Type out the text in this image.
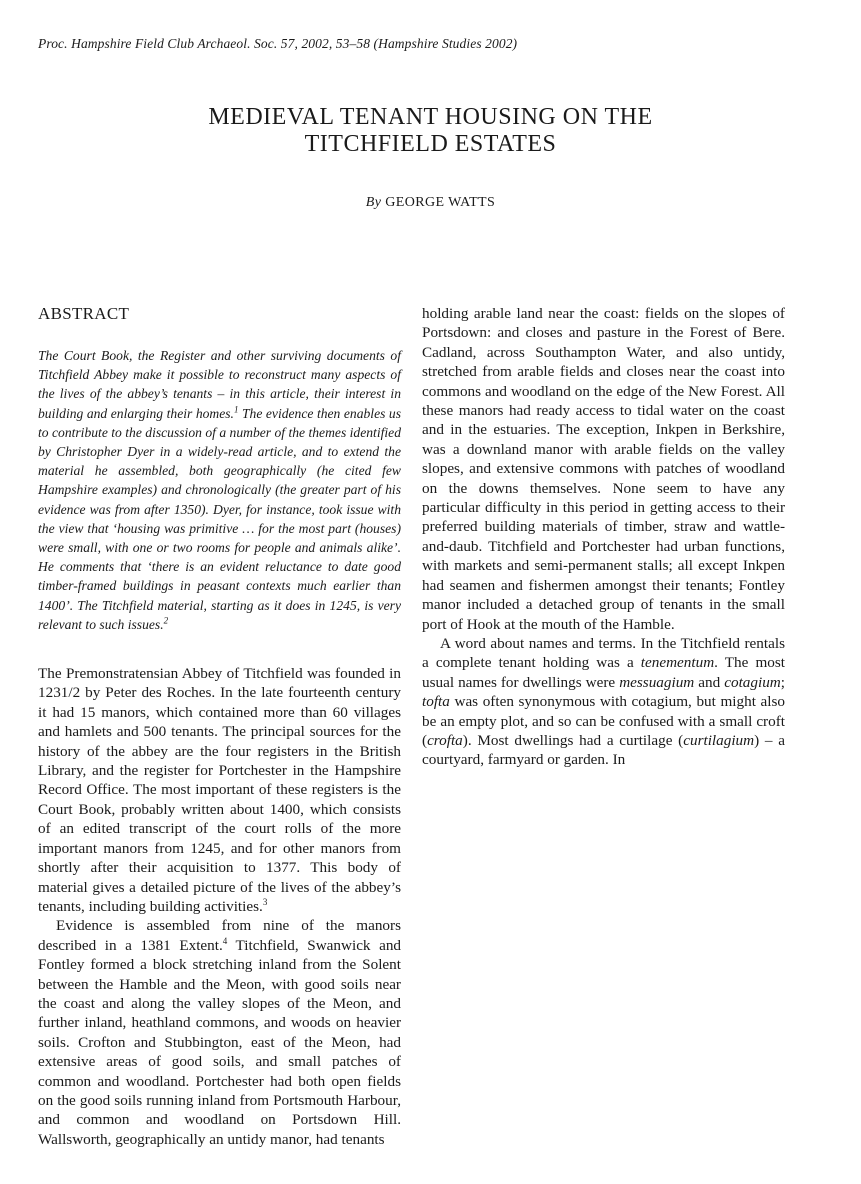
Proc. Hampshire Field Club Archaeol. Soc. 57, 2002, 53–58 (Hampshire Studies 2002)
MEDIEVAL TENANT HOUSING ON THE
TITCHFIELD ESTATES
By GEORGE WATTS
ABSTRACT

The Court Book, the Register and other surviving documents of Titchfield Abbey make it possible to reconstruct many aspects of the lives of the abbey’s tenants – in this article, their interest in building and enlarging their homes.$^1$ The evidence then enables us to contribute to the discussion of a number of the themes identified by Christopher Dyer in a widely-read article, and to extend the material he assembled, both geographically (he cited few Hampshire examples) and chronologically (the greater part of his evidence was from after 1350). Dyer, for instance, took issue with the view that ‘housing was primitive … for the most part (houses) were small, with one or two rooms for people and animals alike’. He comments that ‘there is an evident reluctance to date good timber-framed buildings in peasant contexts much earlier than 1400’. The Titchfield material, starting as it does in 1245, is very relevant to such issues.$^2$

The Premonstratensian Abbey of Titchfield was founded in 1231/2 by Peter des Roches. In the late fourteenth century it had 15 manors, which contained more than 60 villages and hamlets and 500 tenants. The principal sources for the history of the abbey are the four registers in the British Library, and the register for Portchester in the Hampshire Record Office. The most important of these registers is the Court Book, probably written about 1400, which consists of an edited transcript of the court rolls of the more important manors from 1245, and for other manors from shortly after their acquisition to 1377. This body of material gives a detailed picture of the lives of the abbey’s tenants, including building activities.$^3$

Evidence is assembled from nine of the manors described in a 1381 Extent.$^4$ Titchfield, Swanwick and Fontley formed a block stretching inland from the Solent between the Hamble and the Meon, with good soils near the coast and along the valley slopes of the Meon, and further inland, heathland commons, and woods on heavier soils. Crofton and Stubbington, east of the Meon, had extensive areas of good soils, and small patches of common and woodland. Portchester had both open fields on the good soils running inland from Portsmouth Harbour, and common and woodland on Portsdown Hill. Wallsworth, geographically an untidy manor, had tenants

holding arable land near the coast: fields on the slopes of Portsdown: and closes and pasture in the Forest of Bere. Cadland, across Southampton Water, and also untidy, stretched from arable fields and closes near the coast into commons and woodland on the edge of the New Forest. All these manors had ready access to tidal water on the coast and in the estuaries. The exception, Inkpen in Berkshire, was a downland manor with arable fields on the valley slopes, and extensive commons with patches of woodland on the downs themselves. None seem to have any particular difficulty in this period in getting access to their preferred building materials of timber, straw and wattle-and-daub. Titchfield and Portchester had urban functions, with markets and semi-permanent stalls; all except Inkpen had seamen and fishermen amongst their tenants; Fontley manor included a detached group of tenants in the small port of Hook at the mouth of the Hamble.

A word about names and terms. In the Titchfield rentals a complete tenant holding was a tenementum. The most usual names for dwellings were messuagium and cotagium; tofta was often synonymous with cotagium, but might also be an empty plot, and so can be confused with a small croft (crofta). Most dwellings had a curtilage (curtilagium) – a courtyard, farmyard or garden. In
